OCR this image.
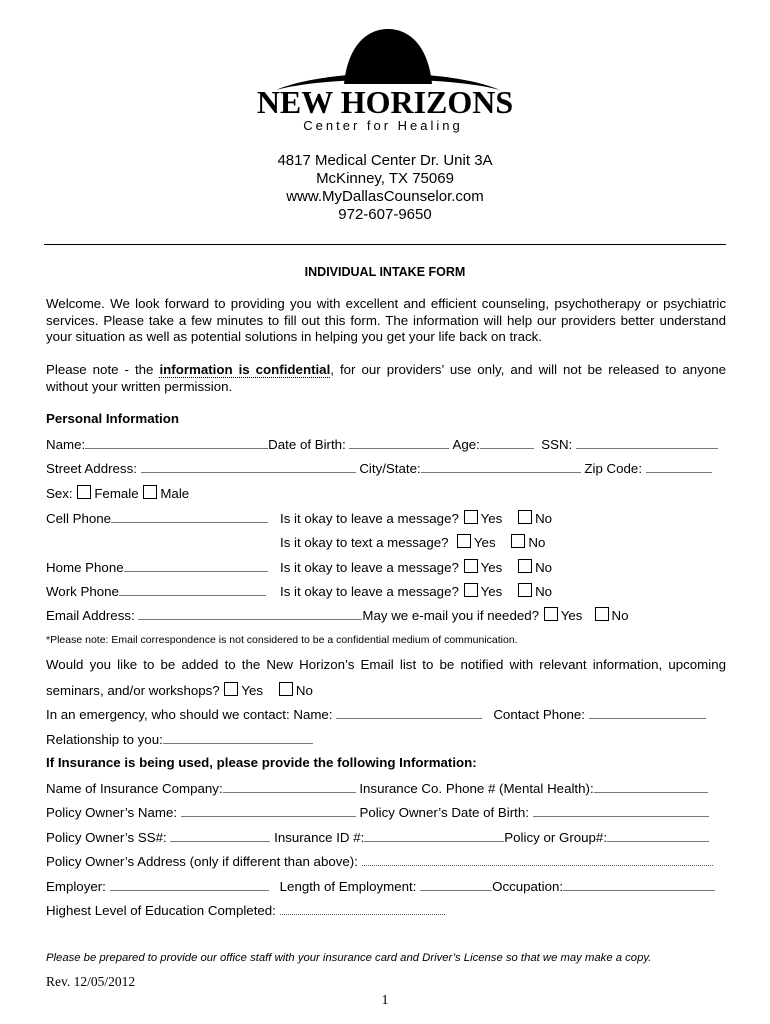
NEW HORIZONS
Center for Healing
4817 Medical Center Dr. Unit 3A
McKinney, TX 75069
www.MyDallasCounselor.com
972-607-9650
INDIVIDUAL INTAKE FORM
Welcome. We look forward to providing you with excellent and efficient counseling, psychotherapy or psychiatric services. Please take a few minutes to fill out this form. The information will help our providers better understand your situation as well as potential solutions in helping you get your life back on track.
Please note - the information is confidential, for our providers’ use only, and will not be released to anyone without your written permission.
Personal Information
Name:	Date of Birth:	Age:	SSN:
Street Address:	City/State:	Zip Code:
Sex: Female Male
Cell Phone	Is it okay to leave a message? Yes No
Is it okay to text a message? Yes No
Home Phone	Is it okay to leave a message? Yes No
Work Phone	Is it okay to leave a message? Yes No
Email Address:	May we e-mail you if needed? Yes No
*Please note: Email correspondence is not considered to be a confidential medium of communication.
Would you like to be added to the New Horizon’s Email list to be notified with relevant information, upcoming
seminars, and/or workshops? Yes No
In an emergency, who should we contact: Name:	Contact Phone:
Relationship to you:
If Insurance is being used, please provide the following Information:
Name of Insurance Company:	Insurance Co. Phone # (Mental Health):
Policy Owner’s Name:	Policy Owner’s Date of Birth:
Policy Owner’s SS#:	Insurance ID #:	Policy or Group#:
Policy Owner’s Address (only if different than above):
Employer:	Length of Employment:	Occupation:
Highest Level of Education Completed:
Please be prepared to provide our office staff with your insurance card and Driver’s License so that we may make a copy.
Rev. 12/05/2012
1
